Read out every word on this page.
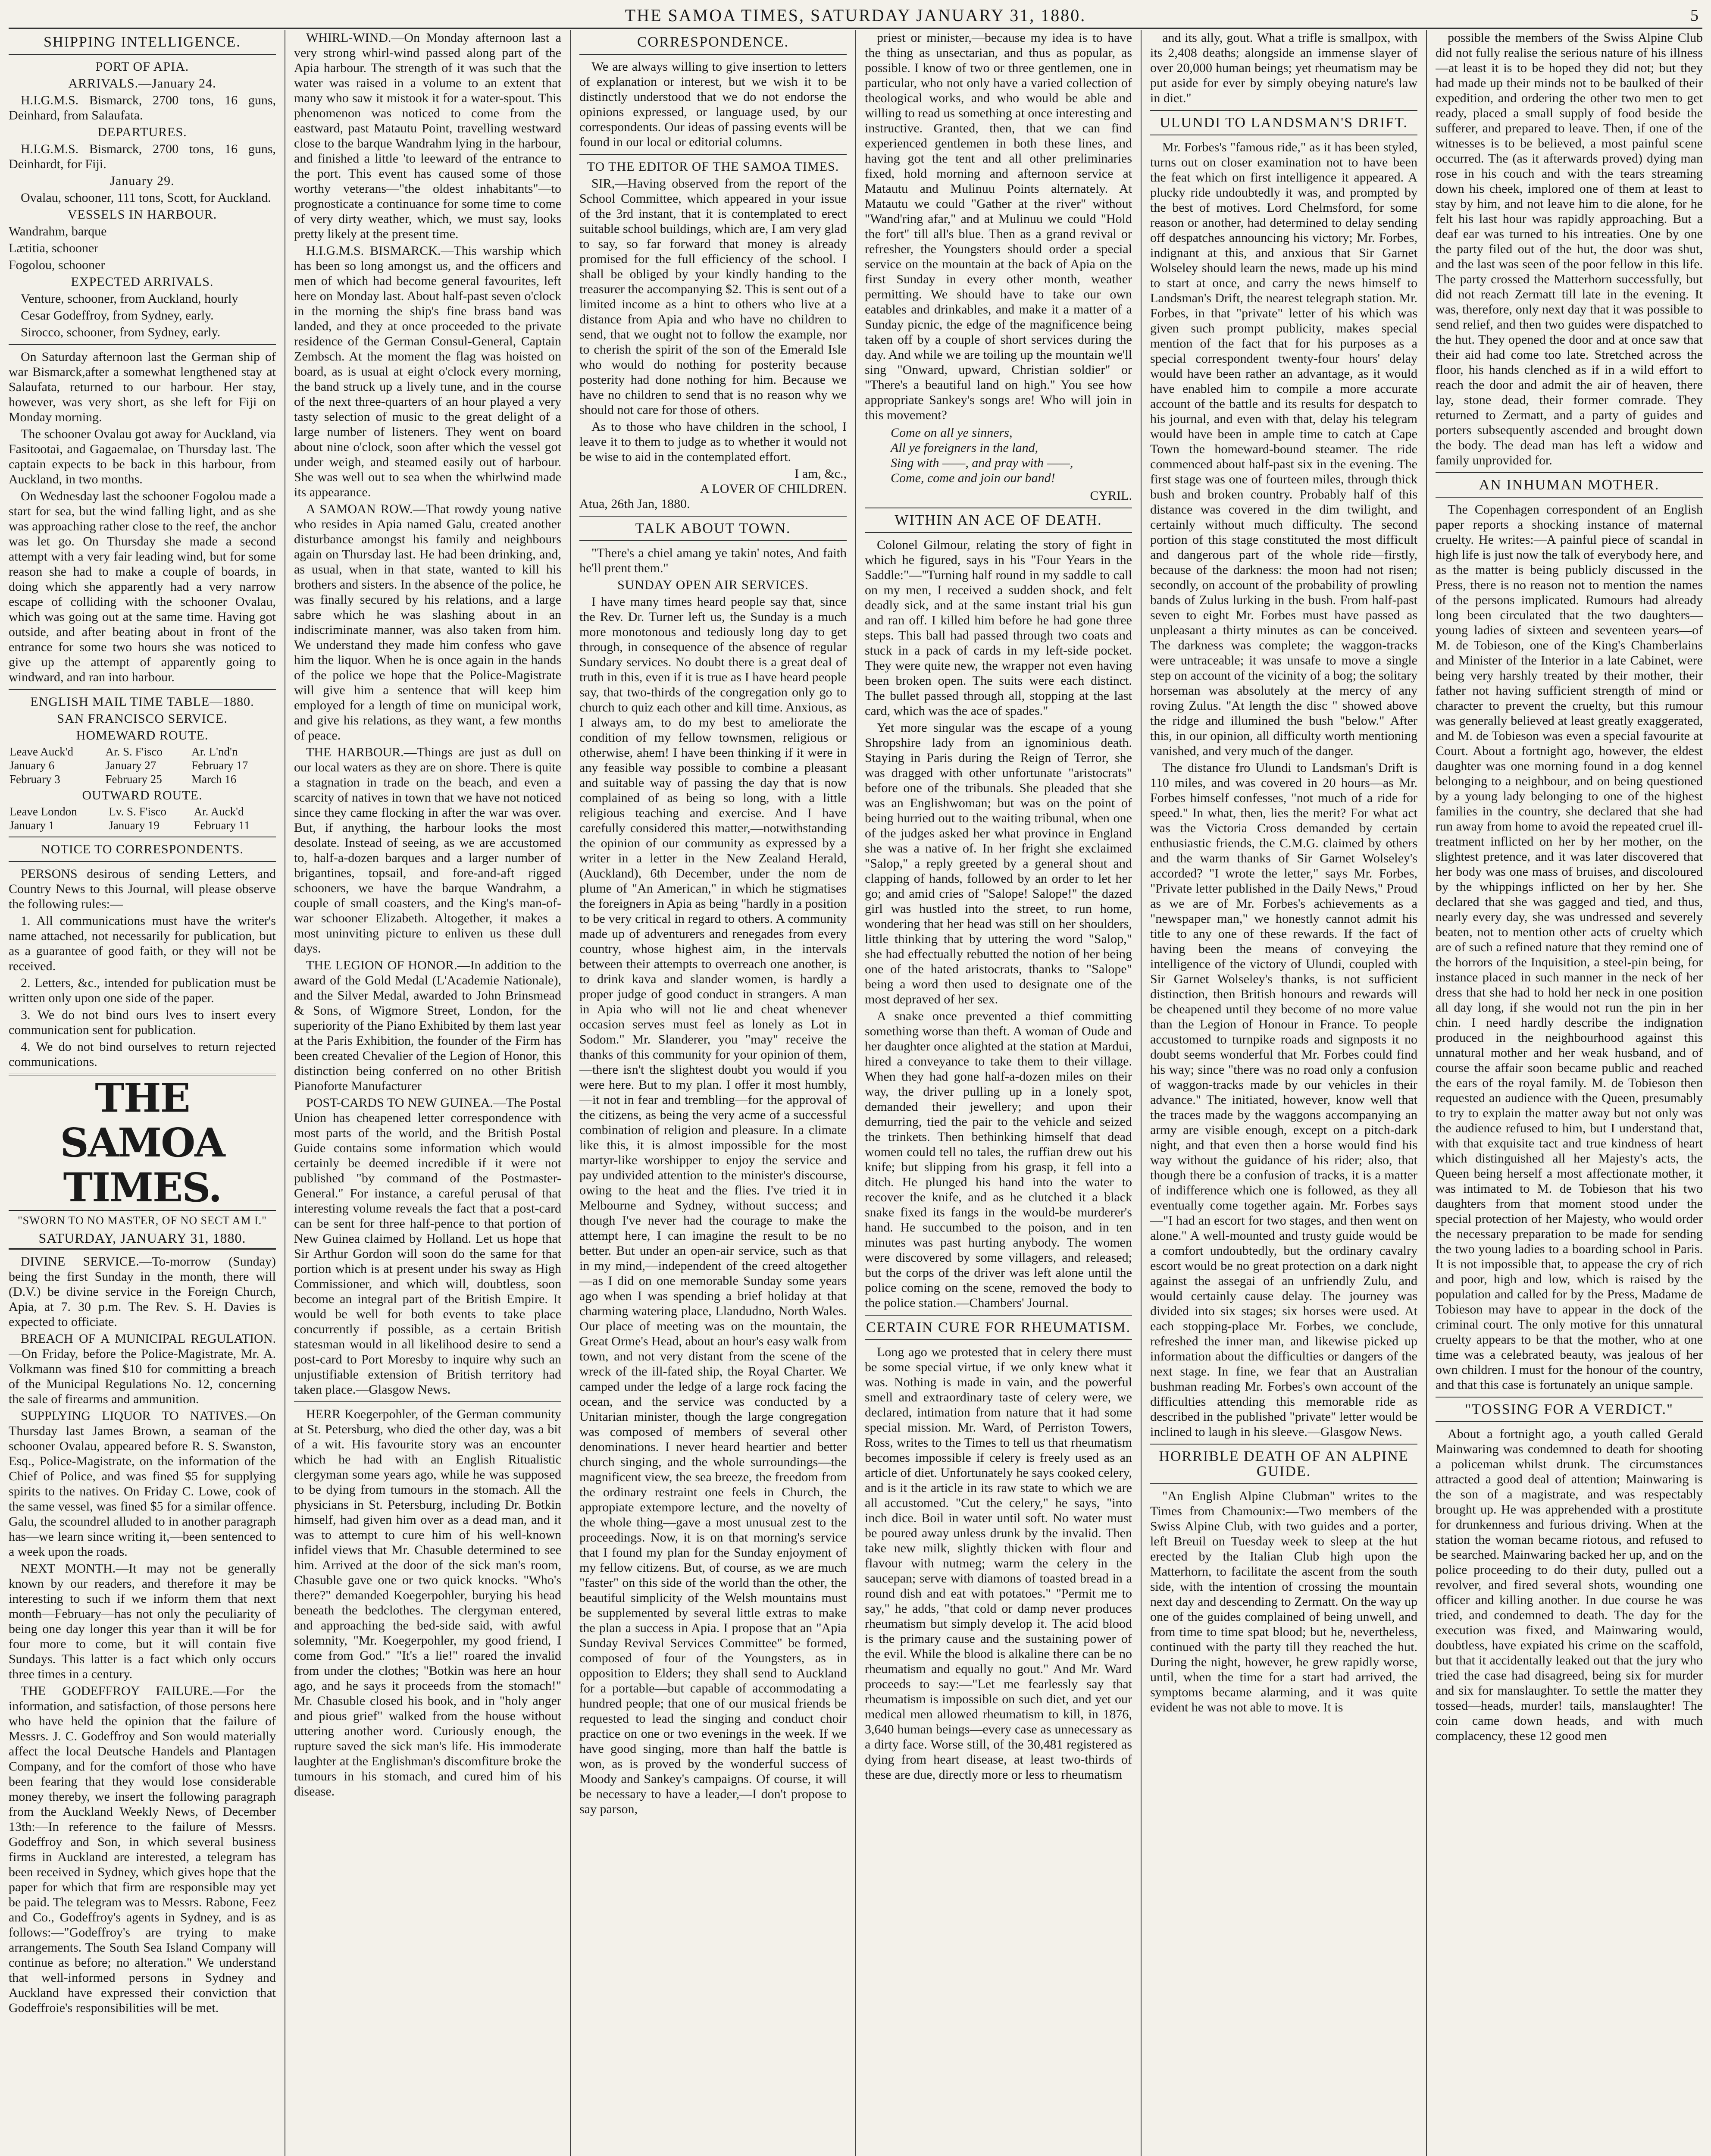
THE SAMOA TIMES, SATURDAY JANUARY 31, 1880.	5
SHIPPING INTELLIGENCE.
PORT OF APIA.
ARRIVALS.—January 24.
H.I.G.M.S. Bismarck, 2700 tons, 16 guns, Deinhard, from Salaufata.
DEPARTURES.
H.I.G.M.S. Bismarck, 2700 tons, 16 guns, Deinhardt, for Fiji.
January 29.
Ovalau, schooner, 111 tons, Scott, for Auckland.
VESSELS IN HARBOUR.
Wandrahm, barque
Lætitia, schooner
Fogolou, schooner
EXPECTED ARRIVALS.
Venture, schooner, from Auckland, hourly
Cesar Godeffroy, from Sydney, early.
Sirocco, schooner, from Sydney, early.
On Saturday afternoon last the German ship of war Bismarck,after a somewhat lengthened stay at Salaufata, returned to our harbour. Her stay, however, was very short, as she left for Fiji on Monday morning.
The schooner Ovalau got away for Auckland, via Fasitootai, and Gagaemalae, on Thursday last. The captain expects to be back in this harbour, from Auckland, in two months.
On Wednesday last the schooner Fogolou made a start for sea, but the wind falling light, and as she was approaching rather close to the reef, the anchor was let go. On Thursday she made a second attempt with a very fair leading wind, but for some reason she had to make a couple of boards, in doing which she apparently had a very narrow escape of colliding with the schooner Ovalau, which was going out at the same time. Having got outside, and after beating about in front of the entrance for some two hours she was noticed to give up the attempt of apparently going to windward, and ran into harbour.
ENGLISH MAIL TIME TABLE—1880.
SAN FRANCISCO SERVICE.
HOMEWARD ROUTE.
Leave Auck'd	Ar. S. F'isco	Ar. L'nd'n
January 6	January 27	February 17
February 3	February 25	March 16
OUTWARD ROUTE.
Leave London	Lv. S. F'isco	Ar. Auck'd
January 1	January 19	February 11
NOTICE TO CORRESPONDENTS.
PERSONS desirous of sending Letters, and Country News to this Journal, will please observe the following rules:—
1. All communications must have the writer's name attached, not necessarily for publication, but as a guarantee of good faith, or they will not be received.
2. Letters, &c., intended for publication must be written only upon one side of the paper.
3. We do not bind ours lves to insert every communication sent for publication.
4. We do not bind ourselves to return rejected communications.
THE SAMOA TIMES.
"SWORN TO NO MASTER, OF NO SECT AM I."
SATURDAY, JANUARY 31, 1880.
DIVINE SERVICE.—To-morrow (Sunday) being the first Sunday in the month, there will (D.V.) be divine service in the Foreign Church, Apia, at 7. 30 p.m. The Rev. S. H. Davies is expected to officiate.
BREACH OF A MUNICIPAL REGULATION. —On Friday, before the Police-Magistrate, Mr. A. Volkmann was fined $10 for committing a breach of the Municipal Regulations No. 12, concerning the sale of firearms and ammunition.
SUPPLYING LIQUOR TO NATIVES.—On Thursday last James Brown, a seaman of the schooner Ovalau, appeared before R. S. Swanston, Esq., Police-Magistrate, on the information of the Chief of Police, and was fined $5 for supplying spirits to the natives. On Friday C. Lowe, cook of the same vessel, was fined $5 for a similar offence. Galu, the scoundrel alluded to in another paragraph has—we learn since writing it,—been sentenced to a week upon the roads.
NEXT MONTH.—It may not be generally known by our readers, and therefore it may be interesting to such if we inform them that next month—February—has not only the peculiarity of being one day longer this year than it will be for four more to come, but it will contain five Sundays. This latter is a fact which only occurs three times in a century.
THE GODEFFROY FAILURE.—For the information, and satisfaction, of those persons here who have held the opinion that the failure of Messrs. J. C. Godeffroy and Son would materially affect the local Deutsche Handels and Plantagen Company, and for the comfort of those who have been fearing that they would lose considerable money thereby, we insert the following paragraph from the Auckland Weekly News, of December 13th:—In reference to the failure of Messrs. Godeffroy and Son, in which several business firms in Auckland are interested, a telegram has been received in Sydney, which gives hope that the paper for which that firm are responsible may yet be paid. The telegram was to Messrs. Rabone, Feez and Co., Godeffroy's agents in Sydney, and is as follows:—"Godeffroy's are trying to make arrangements. The South Sea Island Company will continue as before; no alteration." We understand that well-informed persons in Sydney and Auckland have expressed their conviction that Godeffroie's responsibilities will be met.
WHIRL-WIND.—On Monday afternoon last a very strong whirl-wind passed along part of the Apia harbour. The strength of it was such that the water was raised in a volume to an extent that many who saw it mistook it for a water-spout. This phenomenon was noticed to come from the eastward, past Matautu Point, travelling westward close to the barque Wandrahm lying in the harbour, and finished a little 'to leeward of the entrance to the port. This event has caused some of those worthy veterans—"the oldest inhabitants"—to prognosticate a continuance for some time to come of very dirty weather, which, we must say, looks pretty likely at the present time.
H.I.G.M.S. BISMARCK.—This warship which has been so long amongst us, and the officers and men of which had become general favourites, left here on Monday last. About half-past seven o'clock in the morning the ship's fine brass band was landed, and they at once proceeded to the private residence of the German Consul-General, Captain Zembsch. At the moment the flag was hoisted on board, as is usual at eight o'clock every morning, the band struck up a lively tune, and in the course of the next three-quarters of an hour played a very tasty selection of music to the great delight of a large number of listeners. They went on board about nine o'clock, soon after which the vessel got under weigh, and steamed easily out of harbour. She was well out to sea when the whirlwind made its appearance.
A SAMOAN ROW.—That rowdy young native who resides in Apia named Galu, created another disturbance amongst his family and neighbours again on Thursday last. He had been drinking, and, as usual, when in that state, wanted to kill his brothers and sisters. In the absence of the police, he was finally secured by his relations, and a large sabre which he was slashing about in an indiscriminate manner, was also taken from him. We understand they made him confess who gave him the liquor. When he is once again in the hands of the police we hope that the Police-Magistrate will give him a sentence that will keep him employed for a length of time on municipal work, and give his relations, as they want, a few months of peace.
THE HARBOUR.—Things are just as dull on our local waters as they are on shore. There is quite a stagnation in trade on the beach, and even a scarcity of natives in town that we have not noticed since they came flocking in after the war was over. But, if anything, the harbour looks the most desolate. Instead of seeing, as we are accustomed to, half-a-dozen barques and a larger number of brigantines, topsail, and fore-and-aft rigged schooners, we have the barque Wandrahm, a couple of small coasters, and the King's man-of-war schooner Elizabeth. Altogether, it makes a most uninviting picture to enliven us these dull days.
THE LEGION OF HONOR.—In addition to the award of the Gold Medal (L'Academie Nationale), and the Silver Medal, awarded to John Brinsmead & Sons, of Wigmore Street, London, for the superiority of the Piano Exhibited by them last year at the Paris Exhibition, the founder of the Firm has been created Chevalier of the Legion of Honor, this distinction being conferred on no other British Pianoforte Manufacturer
POST-CARDS TO NEW GUINEA.—The Postal Union has cheapened letter correspondence with most parts of the world, and the British Postal Guide contains some information which would certainly be deemed incredible if it were not published "by command of the Postmaster-General." For instance, a careful perusal of that interesting volume reveals the fact that a post-card can be sent for three half-pence to that portion of New Guinea claimed by Holland. Let us hope that Sir Arthur Gordon will soon do the same for that portion which is at present under his sway as High Commissioner, and which will, doubtless, soon become an integral part of the British Empire. It would be well for both events to take place concurrently if possible, as a certain British statesman would in all likelihood desire to send a post-card to Port Moresby to inquire why such an unjustifiable extension of British territory had taken place.—Glasgow News.
HERR Koegerpohler, of the German community at St. Petersburg, who died the other day, was a bit of a wit. His favourite story was an encounter which he had with an English Ritualistic clergyman some years ago, while he was supposed to be dying from tumours in the stomach. All the physicians in St. Petersburg, including Dr. Botkin himself, had given him over as a dead man, and it was to attempt to cure him of his well-known infidel views that Mr. Chasuble determined to see him. Arrived at the door of the sick man's room, Chasuble gave one or two quick knocks. "Who's there?" demanded Koegerpohler, burying his head beneath the bedclothes. The clergyman entered, and approaching the bed-side said, with awful solemnity, "Mr. Koegerpohler, my good friend, I come from God." "It's a lie!" roared the invalid from under the clothes; "Botkin was here an hour ago, and he says it proceeds from the stomach!" Mr. Chasuble closed his book, and in "holy anger and pious grief" walked from the house without uttering another word. Curiously enough, the rupture saved the sick man's life. His immoderate laughter at the Englishman's discomfiture broke the tumours in his stomach, and cured him of his disease.
CORRESPONDENCE.
We are always willing to give insertion to letters of explanation or interest, but we wish it to be distinctly understood that we do not endorse the opinions expressed, or language used, by our correspondents. Our ideas of passing events will be found in our local or editorial columns.
TO THE EDITOR OF THE SAMOA TIMES.
SIR,—Having observed from the report of the School Committee, which appeared in your issue of the 3rd instant, that it is contemplated to erect suitable school buildings, which are, I am very glad to say, so far forward that money is already promised for the full efficiency of the school. I shall be obliged by your kindly handing to the treasurer the accompanying $2. This is sent out of a limited income as a hint to others who live at a distance from Apia and who have no children to send, that we ought not to follow the example, nor to cherish the spirit of the son of the Emerald Isle who would do nothing for posterity because posterity had done nothing for him. Because we have no children to send that is no reason why we should not care for those of others.
As to those who have children in the school, I leave it to them to judge as to whether it would not be wise to aid in the contemplated effort.
I am, &c.,
A LOVER OF CHILDREN.
Atua, 26th Jan, 1880.
TALK ABOUT TOWN.
"There's a chiel amang ye takin' notes, And faith he'll prent them."
SUNDAY OPEN AIR SERVICES.
I have many times heard people say that, since the Rev. Dr. Turner left us, the Sunday is a much more monotonous and tediously long day to get through, in consequence of the absence of regular Sundary services. No doubt there is a great deal of truth in this, even if it is true as I have heard people say, that two-thirds of the congregation only go to church to quiz each other and kill time. Anxious, as I always am, to do my best to ameliorate the condition of my fellow townsmen, religious or otherwise, ahem! I have been thinking if it were in any feasible way possible to combine a pleasant and suitable way of passing the day that is now complained of as being so long, with a little religious teaching and exercise. And I have carefully considered this matter,—notwithstanding the opinion of our community as expressed by a writer in a letter in the New Zealand Herald, (Auckland), 6th December, under the nom de plume of "An American," in which he stigmatises the foreigners in Apia as being "hardly in a position to be very critical in regard to others. A community made up of adventurers and renegades from every country, whose highest aim, in the intervals between their attempts to overreach one another, is to drink kava and slander women, is hardly a proper judge of good conduct in strangers. A man in Apia who will not lie and cheat whenever occasion serves must feel as lonely as Lot in Sodom." Mr. Slanderer, you "may" receive the thanks of this community for your opinion of them,—there isn't the slightest doubt you would if you were here. But to my plan. I offer it most humbly,—it not in fear and trembling—for the approval of the citizens, as being the very acme of a successful combination of religion and pleasure. In a climate like this, it is almost impossible for the most martyr-like worshipper to enjoy the service and pay undivided attention to the minister's discourse, owing to the heat and the flies. I've tried it in Melbourne and Sydney, without success; and though I've never had the courage to make the attempt here, I can imagine the result to be no better. But under an open-air service, such as that in my mind,—independent of the creed altogether —as I did on one memorable Sunday some years ago when I was spending a brief holiday at that charming watering place, Llandudno, North Wales. Our place of meeting was on the mountain, the Great Orme's Head, about an hour's easy walk from town, and not very distant from the scene of the wreck of the ill-fated ship, the Royal Charter. We camped under the ledge of a large rock facing the ocean, and the service was conducted by a Unitarian minister, though the large congregation was composed of members of several other denominations. I never heard heartier and better church singing, and the whole surroundings—the magnificent view, the sea breeze, the freedom from the ordinary restraint one feels in Church, the appropiate extempore lecture, and the novelty of the whole thing—gave a most unusual zest to the proceedings. Now, it is on that morning's service that I found my plan for the Sunday enjoyment of my fellow citizens. But, of course, as we are much "faster" on this side of the world than the other, the beautiful simplicity of the Welsh mountains must be supplemented by several little extras to make the plan a success in Apia. I propose that an "Apia Sunday Revival Services Committee" be formed, composed of four of the Youngsters, as in opposition to Elders; they shall send to Auckland for a portable—but capable of accommodating a hundred people; that one of our musical friends be requested to lead the singing and conduct choir practice on one or two evenings in the week. If we have good singing, more than half the battle is won, as is proved by the wonderful success of Moody and Sankey's campaigns. Of course, it will be necessary to have a leader,—I don't propose to say parson,
priest or minister,—because my idea is to have the thing as unsectarian, and thus as popular, as possible. I know of two or three gentlemen, one in particular, who not only have a varied collection of theological works, and who would be able and willing to read us something at once interesting and instructive. Granted, then, that we can find experienced gentlemen in both these lines, and having got the tent and all other preliminaries fixed, hold morning and afternoon service at Matautu and Mulinuu Points alternately. At Matautu we could "Gather at the river" without "Wand'ring afar," and at Mulinuu we could "Hold the fort" till all's blue. Then as a grand revival or refresher, the Youngsters should order a special service on the mountain at the back of Apia on the first Sunday in every other month, weather permitting. We should have to take our own eatables and drinkables, and make it a matter of a Sunday picnic, the edge of the magnificence being taken off by a couple of short services during the day. And while we are toiling up the mountain we'll sing "Onward, upward, Christian soldier" or "There's a beautiful land on high." You see how appropriate Sankey's songs are! Who will join in this movement?
Come on all ye sinners,
All ye foreigners in the land,
Sing with ——, and pray with ——,
Come, come and join our band!
CYRIL.
WITHIN AN ACE OF DEATH.
Colonel Gilmour, relating the story of fight in which he figured, says in his "Four Years in the Saddle:"—"Turning half round in my saddle to call on my men, I received a sudden shock, and felt deadly sick, and at the same instant trial his gun and ran off. I killed him before he had gone three steps. This ball had passed through two coats and stuck in a pack of cards in my left-side pocket. They were quite new, the wrapper not even having been broken open. The suits were each distinct. The bullet passed through all, stopping at the last card, which was the ace of spades."
Yet more singular was the escape of a young Shropshire lady from an ignominious death. Staying in Paris during the Reign of Terror, she was dragged with other unfortunate "aristocrats" before one of the tribunals. She pleaded that she was an Englishwoman; but was on the point of being hurried out to the waiting tribunal, when one of the judges asked her what province in England she was a native of. In her fright she exclaimed "Salop," a reply greeted by a general shout and clapping of hands, followed by an order to let her go; and amid cries of "Salope! Salope!" the dazed girl was hustled into the street, to run home, wondering that her head was still on her shoulders, little thinking that by uttering the word "Salop," she had effectually rebutted the notion of her being one of the hated aristocrats, thanks to "Salope" being a word then used to designate one of the most depraved of her sex.
A snake once prevented a thief committing something worse than theft. A woman of Oude and her daughter once alighted at the station at Mardui, hired a conveyance to take them to their village. When they had gone half-a-dozen miles on their way, the driver pulling up in a lonely spot, demanded their jewellery; and upon their demurring, tied the pair to the vehicle and seized the trinkets. Then bethinking himself that dead women could tell no tales, the ruffian drew out his knife; but slipping from his grasp, it fell into a ditch. He plunged his hand into the water to recover the knife, and as he clutched it a black snake fixed its fangs in the would-be murderer's hand. He succumbed to the poison, and in ten minutes was past hurting anybody. The women were discovered by some villagers, and released; but the corps of the driver was left alone until the police coming on the scene, removed the body to the police station.—Chambers' Journal.
CERTAIN CURE FOR RHEUMATISM.
Long ago we protested that in celery there must be some special virtue, if we only knew what it was. Nothing is made in vain, and the powerful smell and extraordinary taste of celery were, we declared, intimation from nature that it had some special mission. Mr. Ward, of Perriston Towers, Ross, writes to the Times to tell us that rheumatism becomes impossible if celery is freely used as an article of diet. Unfortunately he says cooked celery, and is it the article in its raw state to which we are all accustomed. "Cut the celery," he says, "into inch dice. Boil in water until soft. No water must be poured away unless drunk by the invalid. Then take new milk, slightly thicken with flour and flavour with nutmeg; warm the celery in the saucepan; serve with diamons of toasted bread in a round dish and eat with potatoes." "Permit me to say," he adds, "that cold or damp never produces rheumatism but simply develop it. The acid blood is the primary cause and the sustaining power of the evil. While the blood is alkaline there can be no rheumatism and equally no gout." And Mr. Ward proceeds to say:—"Let me fearlessly say that rheumatism is impossible on such diet, and yet our medical men allowed rheumatism to kill, in 1876, 3,640 human beings—every case as unnecessary as a dirty face. Worse still, of the 30,481 registered as dying from heart disease, at least two-thirds of these are due, directly more or less to rheumatism
and its ally, gout. What a trifle is smallpox, with its 2,408 deaths; alongside an immense slayer of over 20,000 human beings; yet rheumatism may be put aside for ever by simply obeying nature's law in diet."
ULUNDI TO LANDSMAN'S DRIFT.
Mr. Forbes's "famous ride," as it has been styled, turns out on closer examination not to have been the feat which on first intelligence it appeared. A plucky ride undoubtedly it was, and prompted by the best of motives. Lord Chelmsford, for some reason or another, had determined to delay sending off despatches announcing his victory; Mr. Forbes, indignant at this, and anxious that Sir Garnet Wolseley should learn the news, made up his mind to start at once, and carry the news himself to Landsman's Drift, the nearest telegraph station. Mr. Forbes, in that "private" letter of his which was given such prompt publicity, makes special mention of the fact that for his purposes as a special correspondent twenty-four hours' delay would have been rather an advantage, as it would have enabled him to compile a more accurate account of the battle and its results for despatch to his journal, and even with that, delay his telegram would have been in ample time to catch at Cape Town the homeward-bound steamer. The ride commenced about half-past six in the evening. The first stage was one of fourteen miles, through thick bush and broken country. Probably half of this distance was covered in the dim twilight, and certainly without much difficulty. The second portion of this stage constituted the most difficult and dangerous part of the whole ride—firstly, because of the darkness: the moon had not risen; secondly, on account of the probability of prowling bands of Zulus lurking in the bush. From half-past seven to eight Mr. Forbes must have passed as unpleasant a thirty minutes as can be conceived. The darkness was complete; the waggon-tracks were untraceable; it was unsafe to move a single step on account of the vicinity of a bog; the solitary horseman was absolutely at the mercy of any roving Zulus. "At length the disc " showed above the ridge and illumined the bush "below." After this, in our opinion, all difficulty worth mentioning vanished, and very much of the danger.
The distance fro Ulundi to Landsman's Drift is 110 miles, and was covered in 20 hours—as Mr. Forbes himself confesses, "not much of a ride for speed." In what, then, lies the merit? For what act was the Victoria Cross demanded by certain enthusiastic friends, the C.M.G. claimed by others and the warm thanks of Sir Garnet Wolseley's accorded? "I wrote the letter," says Mr. Forbes, "Private letter published in the Daily News," Proud as we are of Mr. Forbes's achievements as a "newspaper man," we honestly cannot admit his title to any one of these rewards. If the fact of having been the means of conveying the intelligence of the victory of Ulundi, coupled with Sir Garnet Wolseley's thanks, is not sufficient distinction, then British honours and rewards will be cheapened until they become of no more value than the Legion of Honour in France. To people accustomed to turnpike roads and signposts it no doubt seems wonderful that Mr. Forbes could find his way; since "there was no road only a confusion of waggon-tracks made by our vehicles in their advance." The initiated, however, know well that the traces made by the waggons accompanying an army are visible enough, except on a pitch-dark night, and that even then a horse would find his way without the guidance of his rider; also, that though there be a confusion of tracks, it is a matter of indifference which one is followed, as they all eventually come together again. Mr. Forbes says—"I had an escort for two stages, and then went on alone." A well-mounted and trusty guide would be a comfort undoubtedly, but the ordinary cavalry escort would be no great protection on a dark night against the assegai of an unfriendly Zulu, and would certainly cause delay. The journey was divided into six stages; six horses were used. At each stopping-place Mr. Forbes, we conclude, refreshed the inner man, and likewise picked up information about the difficulties or dangers of the next stage. In fine, we fear that an Australian bushman reading Mr. Forbes's own account of the difficulties attending this memorable ride as described in the published "private" letter would be inclined to laugh in his sleeve.—Glasgow News.
HORRIBLE DEATH OF AN ALPINE GUIDE.
"An English Alpine Clubman" writes to the Times from Chamounix:—Two members of the Swiss Alpine Club, with two guides and a porter, left Breuil on Tuesday week to sleep at the hut erected by the Italian Club high upon the Matterhorn, to facilitate the ascent from the south side, with the intention of crossing the mountain next day and descending to Zermatt. On the way up one of the guides complained of being unwell, and from time to time spat blood; but he, nevertheless, continued with the party till they reached the hut. During the night, however, he grew rapidly worse, until, when the time for a start had arrived, the symptoms became alarming, and it was quite evident he was not able to move. It is
possible the members of the Swiss Alpine Club did not fully realise the serious nature of his illness—at least it is to be hoped they did not; but they had made up their minds not to be baulked of their expedition, and ordering the other two men to get ready, placed a small supply of food beside the sufferer, and prepared to leave. Then, if one of the witnesses is to be believed, a most painful scene occurred. The (as it afterwards proved) dying man rose in his couch and with the tears streaming down his cheek, implored one of them at least to stay by him, and not leave him to die alone, for he felt his last hour was rapidly approaching. But a deaf ear was turned to his intreaties. One by one the party filed out of the hut, the door was shut, and the last was seen of the poor fellow in this life. The party crossed the Matterhorn successfully, but did not reach Zermatt till late in the evening. It was, therefore, only next day that it was possible to send relief, and then two guides were dispatched to the hut. They opened the door and at once saw that their aid had come too late. Stretched across the floor, his hands clenched as if in a wild effort to reach the door and admit the air of heaven, there lay, stone dead, their former comrade. They returned to Zermatt, and a party of guides and porters subsequently ascended and brought down the body. The dead man has left a widow and family unprovided for.
AN INHUMAN MOTHER.
The Copenhagen correspondent of an English paper reports a shocking instance of maternal cruelty. He writes:—A painful piece of scandal in high life is just now the talk of everybody here, and as the matter is being publicly discussed in the Press, there is no reason not to mention the names of the persons implicated. Rumours had already long been circulated that the two daughters—young ladies of sixteen and seventeen years—of M. de Tobieson, one of the King's Chamberlains and Minister of the Interior in a late Cabinet, were being very harshly treated by their mother, their father not having sufficient strength of mind or character to prevent the cruelty, but this rumour was generally believed at least greatly exaggerated, and M. de Tobieson was even a special favourite at Court. About a fortnight ago, however, the eldest daughter was one morning found in a dog kennel belonging to a neighbour, and on being questioned by a young lady belonging to one of the highest families in the country, she declared that she had run away from home to avoid the repeated cruel ill-treatment inflicted on her by her mother, on the slightest pretence, and it was later discovered that her body was one mass of bruises, and discoloured by the whippings inflicted on her by her. She declared that she was gagged and tied, and thus, nearly every day, she was undressed and severely beaten, not to mention other acts of cruelty which are of such a refined nature that they remind one of the horrors of the Inquisition, a steel-pin being, for instance placed in such manner in the neck of her dress that she had to hold her neck in one position all day long, if she would not run the pin in her chin. I need hardly describe the indignation produced in the neighbourhood against this unnatural mother and her weak husband, and of course the affair soon became public and reached the ears of the royal family. M. de Tobieson then requested an audience with the Queen, presumably to try to explain the matter away but not only was the audience refused to him, but I understand that, with that exquisite tact and true kindness of heart which distinguished all her Majesty's acts, the Queen being herself a most affectionate mother, it was intimated to M. de Tobieson that his two daughters from that moment stood under the special protection of her Majesty, who would order the necessary preparation to be made for sending the two young ladies to a boarding school in Paris. It is not impossible that, to appease the cry of rich and poor, high and low, which is raised by the population and called for by the Press, Madame de Tobieson may have to appear in the dock of the criminal court. The only motive for this unnatural cruelty appears to be that the mother, who at one time was a celebrated beauty, was jealous of her own children. I must for the honour of the country, and that this case is fortunately an unique sample.
"TOSSING FOR A VERDICT."
About a fortnight ago, a youth called Gerald Mainwaring was condemned to death for shooting a policeman whilst drunk. The circumstances attracted a good deal of attention; Mainwaring is the son of a magistrate, and was respectably brought up. He was apprehended with a prostitute for drunkenness and furious driving. When at the station the woman became riotous, and refused to be searched. Mainwaring backed her up, and on the police proceeding to do their duty, pulled out a revolver, and fired several shots, wounding one officer and killing another. In due course he was tried, and condemned to death. The day for the execution was fixed, and Mainwaring would, doubtless, have expiated his crime on the scaffold, but that it accidentally leaked out that the jury who tried the case had disagreed, being six for murder and six for manslaughter. To settle the matter they tossed—heads, murder! tails, manslaughter! The coin came down heads, and with much complacency, these 12 good men
